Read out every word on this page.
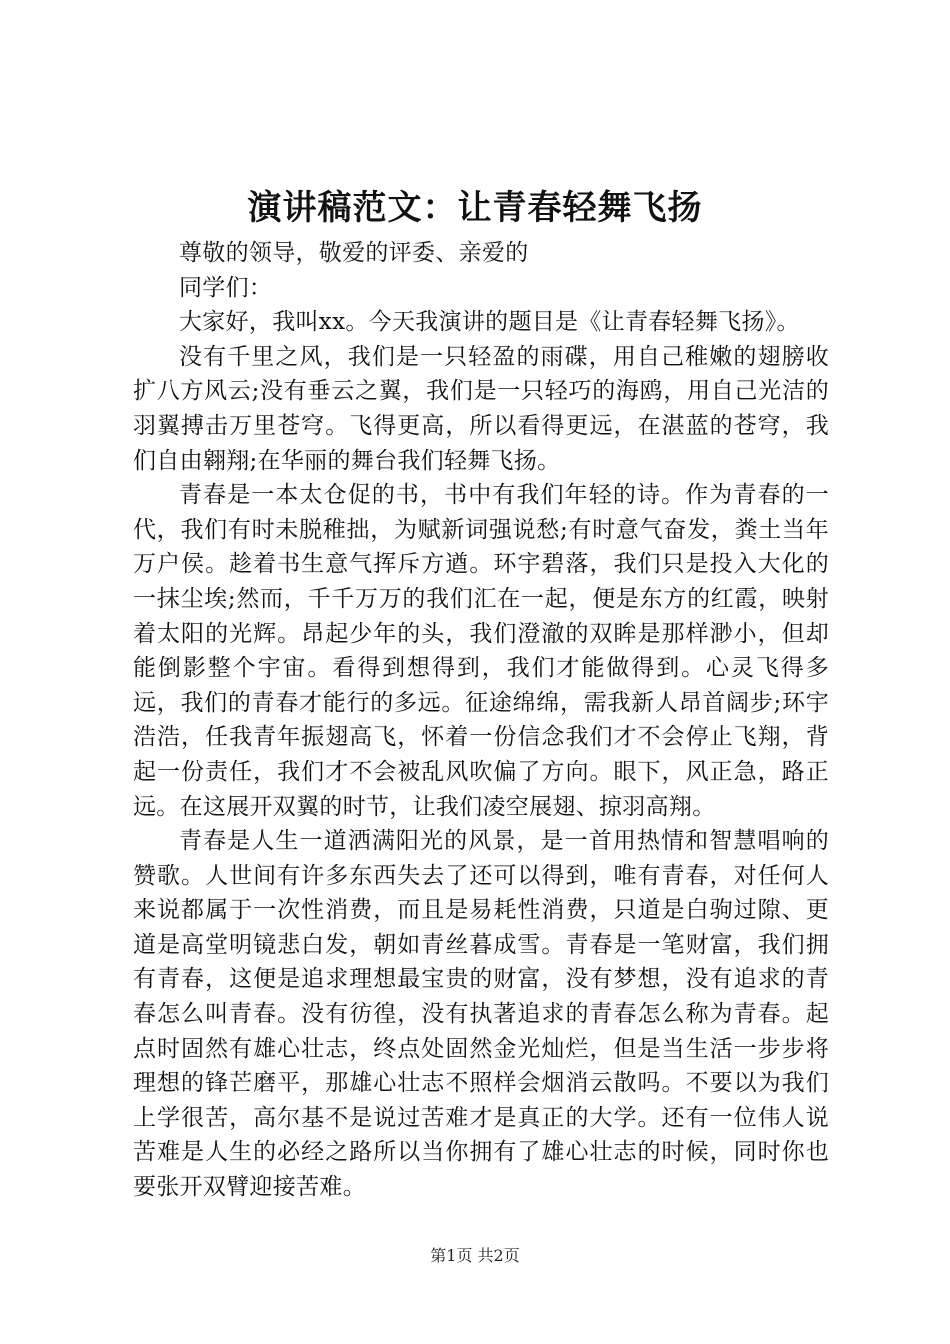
演讲稿范文：让青春轻舞飞扬

尊敬的领导，敬爱的评委、亲爱的

同学们：

大家好，我叫xx。今天我演讲的题目是《让青春轻舞飞扬》。

没有千里之风，我们是一只轻盈的雨碟，用自己稚嫩的翅膀收扩八方风云;没有垂云之翼，我们是一只轻巧的海鸥，用自己光洁的羽翼搏击万里苍穹。飞得更高，所以看得更远，在湛蓝的苍穹，我们自由翱翔;在华丽的舞台我们轻舞飞扬。

青春是一本太仓促的书，书中有我们年轻的诗。作为青春的一代，我们有时未脱稚拙，为赋新词强说愁;有时意气奋发，粪土当年万户侯。趁着书生意气挥斥方遒。环宇碧落，我们只是投入大化的一抹尘埃;然而，千千万万的我们汇在一起，便是东方的红霞，映射着太阳的光辉。昂起少年的头，我们澄澈的双眸是那样渺小，但却能倒影整个宇宙。看得到想得到，我们才能做得到。心灵飞得多远，我们的青春才能行的多远。征途绵绵，需我新人昂首阔步;环宇浩浩，任我青年振翅高飞，怀着一份信念我们才不会停止飞翔，背起一份责任，我们才不会被乱风吹偏了方向。眼下，风正急，路正远。在这展开双翼的时节，让我们凌空展翅、掠羽高翔。

青春是人生一道洒满阳光的风景，是一首用热情和智慧唱响的赞歌。人世间有许多东西失去了还可以得到，唯有青春，对任何人来说都属于一次性消费，而且是易耗性消费，只道是白驹过隙、更道是高堂明镜悲白发，朝如青丝暮成雪。青春是一笔财富，我们拥有青春，这便是追求理想最宝贵的财富，没有梦想，没有追求的青春怎么叫青春。没有彷徨，没有执著追求的青春怎么称为青春。起点时固然有雄心壮志，终点处固然金光灿烂，但是当生活一步步将理想的锋芒磨平，那雄心壮志不照样会烟消云散吗。不要以为我们上学很苦，高尔基不是说过苦难才是真正的大学。还有一位伟人说苦难是人生的必经之路所以当你拥有了雄心壮志的时候，同时你也要张开双臂迎接苦难。

第1页 共2页
